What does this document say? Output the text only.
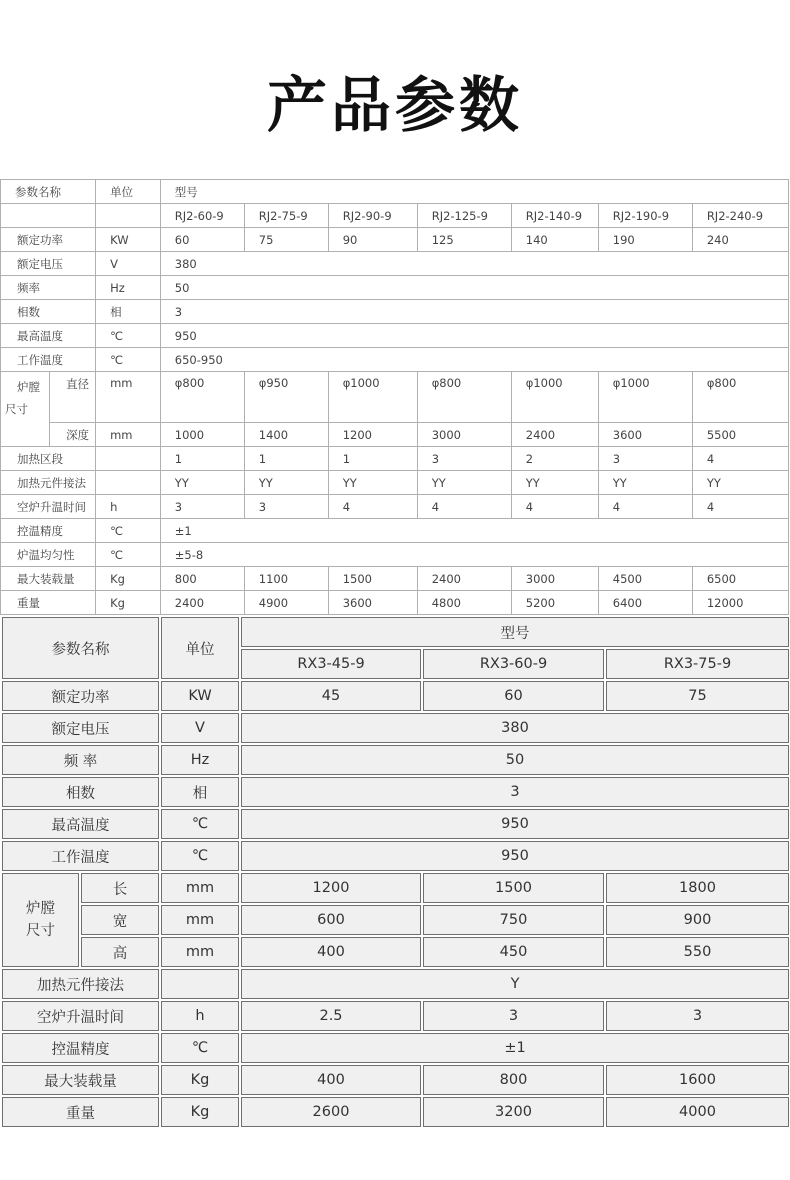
产品参数
参数名称		单位	型号						
			RJ2-60-9	RJ2-75-9	RJ2-90-9	RJ2-125-9	RJ2-140-9	RJ2-190-9	RJ2-240-9
额定功率		KW	60	75	90	125	140	190	240
额定电压		V	380						
频率		Hz	50						
相数		相	3						
最高温度		℃	950						
工作温度		℃	650-950						

炉膛
尺寸	直径	mm	φ800	φ950	φ1000	φ800	φ1000	φ1000	φ800
	深度	mm	1000	1400	1200	3000	2400	3600	5500
加热区段			1	1	1	3	2	3	4
加热元件接法			YY	YY	YY	YY	YY	YY	YY
空炉升温时间		h	3	3	4	4	4	4	4
控温精度		℃	±1						
炉温均匀性		℃	±5-8						
最大装载量		Kg	800	1100	1500	2400	3000	4500	6500
重量		Kg	2400	4900	3600	4800	5200	6400	12000
参数名称		单位	型号		
			RX3-45-9	RX3-60-9	RX3-75-9
额定功率		KW	45	60	75
额定电压		V	380		
频 率		Hz	50		
相数		相	3		
最高温度		℃	950		
工作温度		℃	950		

炉膛
尺寸	长	mm	1200	1500	1800
	宽	mm	600	750	900
	高	mm	400	450	550
加热元件接法			Y		
空炉升温时间		h	2.5	3	3
控温精度		℃	±1		
最大装载量		Kg	400	800	1600
重量		Kg	2600	3200	4000
